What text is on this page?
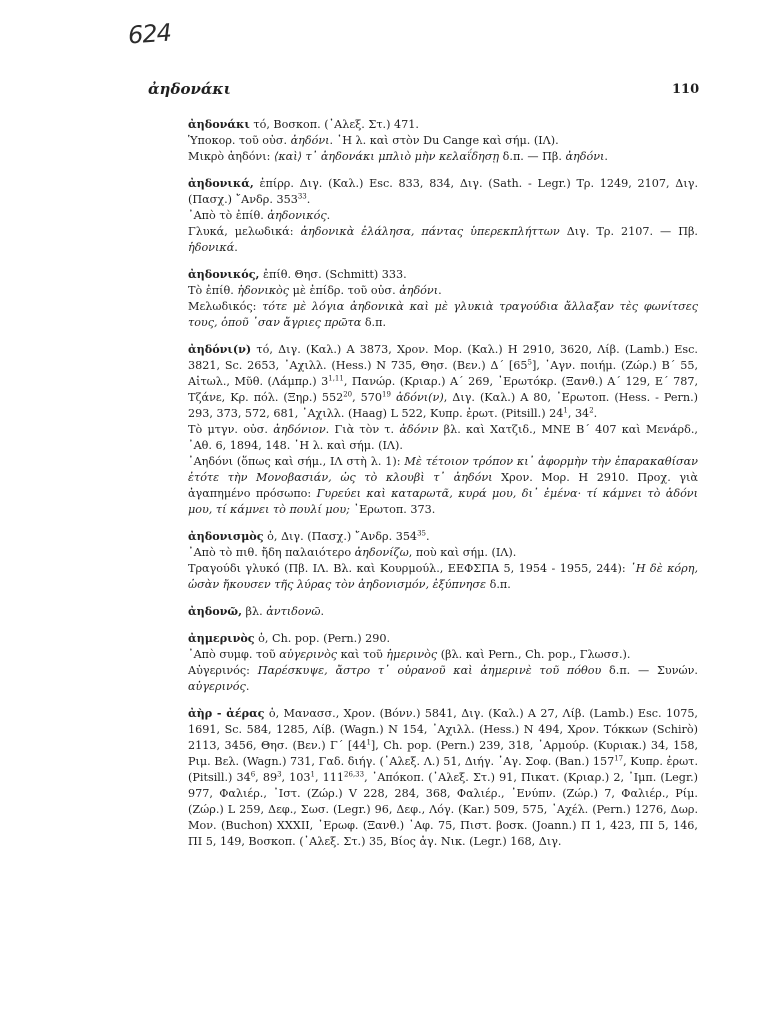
624
ἀηδονάκι	110

ἀηδονάκι τό, Βοσκοπ. (᾿Αλεξ. Στ.) 471.

Ὑποκορ. τοῦ οὐσ. ἀηδόνι. ῾Η λ. καὶ στὸν Du Cange καὶ σήμ. (ΙΛ).

Μικρὸ ἀηδόνι: ⟨καὶ⟩ τ᾿ ἀηδονάκι μπλιὸ μὴν κελαΐδησῃ δ.π. — Πβ. ἀηδόνι.

ἀηδονικά, ἐπίρρ. Διγ. (Καλ.) Esc. 833, 834, Διγ. (Sath. - Legr.) Τρ. 1249, 2107, Διγ. (Πασχ.) ῎Ανδρ. $353^{33}$.

᾿Απὸ τὸ ἐπίθ. ἀηδονικός.

Γλυκά, μελωδικά: ἀηδονικὰ ἐλάλησα, πάντας ὑπερεκπλήττων Διγ. Τρ. 2107. — Πβ. ἡδονικά.

ἀηδονικός, ἐπίθ. Θησ. (Schmitt) 333.

Τὸ ἐπίθ. ἡδονικὸς μὲ ἐπίδρ. τοῦ οὐσ. ἀηδόνι.

Μελωδικός: τότε μὲ λόγια ἀηδονικὰ καὶ μὲ γλυκιὰ τραγούδια ἄλλαξαν τὲς φωνίτσες τους, ὁποῦ ᾿σαν ἄγριες πρῶτα δ.π.

ἀηδόνι(ν) τό, Διγ. (Καλ.) Α 3873, Χρον. Μορ. (Καλ.) Η 2910, 3620, Λίβ. (Lamb.) Esc. 3821, Sc. 2653, ᾿Αχιλλ. (Hess.) Ν 735, Θησ. (Βεν.) Δ´ $[65^5]$, ᾿Αγν. ποιήμ. (Ζώρ.) Β´ 55, Αἰτωλ., Μῦθ. (Λάμπρ.) 3$^{1,11}$, Πανώρ. (Κριαρ.) Α´ 269, ᾿Ερωτόκρ. (Ξανθ.) Α´ 129, Ε´ 787, Τζάνε, Κρ. πόλ. (Ξηρ.) $552^{20}$, $570^{19}$ ἀδόνι(ν), Διγ. (Καλ.) Α 80, ᾿Ερωτοπ. (Hess. - Pern.) 293, 373, 572, 681, ᾿Αχιλλ. (Haag) L 522, Κυπρ. ἐρωτ. (Pitsill.) $24^1$, $34^2$.

Τὸ μτγν. οὐσ. ἀηδόνιον. Γιὰ τὸν τ. ἀδόνιν βλ. καὶ Χατζιδ., ΜΝΕ Β´ 407 καὶ Μενάρδ., ᾿Αθ. 6, 1894, 148. ῾Η λ. καὶ σήμ. (ΙΛ).

᾿Αηδόνι (ὅπως καὶ σήμ., ΙΛ στὴ λ. 1): Μὲ τέτοιον τρόπον κι᾿ ἀφορμὴν τὴν ἐπαρακαθίσαν ἐτότε τὴν Μονοβασιάν, ὡς τὸ κλουβὶ τ᾿ ἀηδόνι Χρον. Μορ. Η 2910. Προχ. γιὰ ἀγαπημένο πρόσωπο: Γυρεύει καὶ καταρωτᾶ, κυρά μου, δι᾿ ἐμένα· τί κάμνει τὸ ἀδόνι μου, τί κάμνει τὸ πουλί μου; ᾿Ερωτοπ. 373.

ἀηδονισμὸς ὁ, Διγ. (Πασχ.) ῎Ανδρ. $354^{35}$.

᾿Απὸ τὸ πιθ. ἤδη παλαιότερο ἀηδονίζω, ποὺ καὶ σήμ. (ΙΛ).

Τραγούδι γλυκό (Πβ. ΙΛ. Βλ. καὶ Κουρμούλ., ΕΕΦΣΠΑ 5, 1954 - 1955, 244): ῾Η δὲ κόρη, ὡσὰν ἤκουσεν τῆς λύρας τὸν ἀηδονισμόν, ἐξύπνησε δ.π.

ἀηδονῶ, βλ. ἀντιδονῶ.

ἀημερινὸς ὁ, Ch. pop. (Pern.) 290.

᾿Απὸ συμφ. τοῦ αὐγερινὸς καὶ τοῦ ἡμερινὸς (βλ. καὶ Pern., Ch. pop., Γλωσσ.).

Αὐγερινός: Παρέσκυψε, ἄστρο τ᾿ οὐρανοῦ καὶ ἀημερινὲ τοῦ πόθου δ.π. — Συνών. αὐγερινός.

ἀὴρ - ἀέρας ὁ, Μανασσ., Χρον. (Bόνν.) 5841, Διγ. (Καλ.) Α 27, Λίβ. (Lamb.) Esc. 1075, 1691, Sc. 584, 1285, Λίβ. (Wagn.) Ν 154, ᾿Αχιλλ. (Hess.) Ν 494, Χρον. Τόκκων (Schirò) 2113, 3456, Θησ. (Βεν.) Γ´ $[44^1]$, Ch. pop. (Pern.) 239, 318, ᾿Αρμούρ. (Κυριακ.) 34, 158, Ριμ. Βελ. (Wagn.) 731, Γαδ. διήγ. (᾿Αλεξ. Λ.) 51, Διήγ. ᾿Αγ. Σοφ. (Ban.) $157^{17}$, Κυπρ. ἐρωτ. (Pitsill.) $34^6$, $89^3$, $103^1$, 111$^{26,33}$, ᾿Απόκοπ. (᾿Αλεξ. Στ.) 91, Πικατ. (Κριαρ.) 2, ᾿Ιμπ. (Legr.) 977, Φαλιέρ., ᾿Ιστ. (Ζώρ.) V 228, 284, 368, Φαλιέρ., ᾿Ενύπν. (Ζώρ.) 7, Φαλιέρ., Ρίμ. (Ζώρ.) L 259, Δεφ., Σωσ. (Legr.) 96, Δεφ., Λόγ. (Kar.) 509, 575, ᾿Αχέλ. (Pern.) 1276, Δωρ. Μον. (Buchon) XXXII, ᾿Ερωφ. (Ξανθ.) ᾿Αφ. 75, Πιστ. βοσκ. (Joann.) Π 1, 423, ΠΙ 5, 146, ΠΙ 5, 149, Βοσκοπ. (᾿Αλεξ. Στ.) 35, Βίος ἁγ. Νικ. (Legr.) 168, Διγ.
